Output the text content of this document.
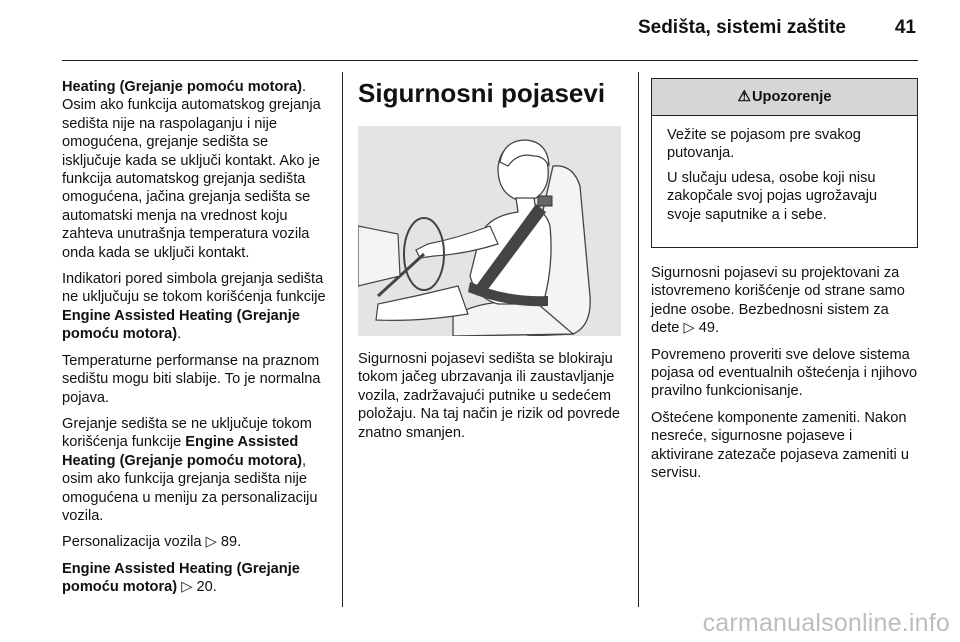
Sedišta, sistemi zaštite	41

Heating (Grejanje pomoću motora). Osim ako funkcija automatskog grejanja sedišta nije na raspolaganju i nije omogućena, grejanje sedišta se isključuje kada se uključi kontakt. Ako je funkcija automatskog grejanja sedišta omogućena, jačina grejanja sedišta se automatski menja na vrednost koju zahteva unutrašnja temperatura vozila onda kada se uključi kontakt.

Indikatori pored simbola grejanja sedišta ne uključuju se tokom korišćenja funkcije Engine Assisted Heating (Grejanje pomoću motora).

Temperaturne performanse na praznom sedištu mogu biti slabije. To je normalna pojava.

Grejanje sedišta se ne uključuje tokom korišćenja funkcije Engine Assisted Heating (Grejanje pomoću motora), osim ako funkcija grejanja sedišta nije omogućena u meniju za personalizaciju vozila.

Personalizacija vozila ▷ 89.

Engine Assisted Heating (Grejanje pomoću motora) ▷ 20.

Sigurnosni pojasevi

Sigurnosni pojasevi sedišta se blokiraju tokom jačeg ubrzavanja ili zaustavljanje vozila, zadržavajući putnike u sedećem položaju. Na taj način je rizik od povrede znatno smanjen.

⚠Upozorenje

Vežite se pojasom pre svakog putovanja.

U slučaju udesa, osobe koji nisu zakopčale svoj pojas ugrožavaju svoje saputnike a i sebe.

Sigurnosni pojasevi su projektovani za istovremeno korišćenje od strane samo jedne osobe. Bezbednosni sistem za dete ▷ 49.

Povremeno proveriti sve delove sistema pojasa od eventualnih oštećenja i njihovo pravilno funkcionisanje.

Oštećene komponente zameniti. Nakon nesreće, sigurnosne pojaseve i aktivirane zatezače pojaseva zameniti u servisu.

carmanualsonline.info
